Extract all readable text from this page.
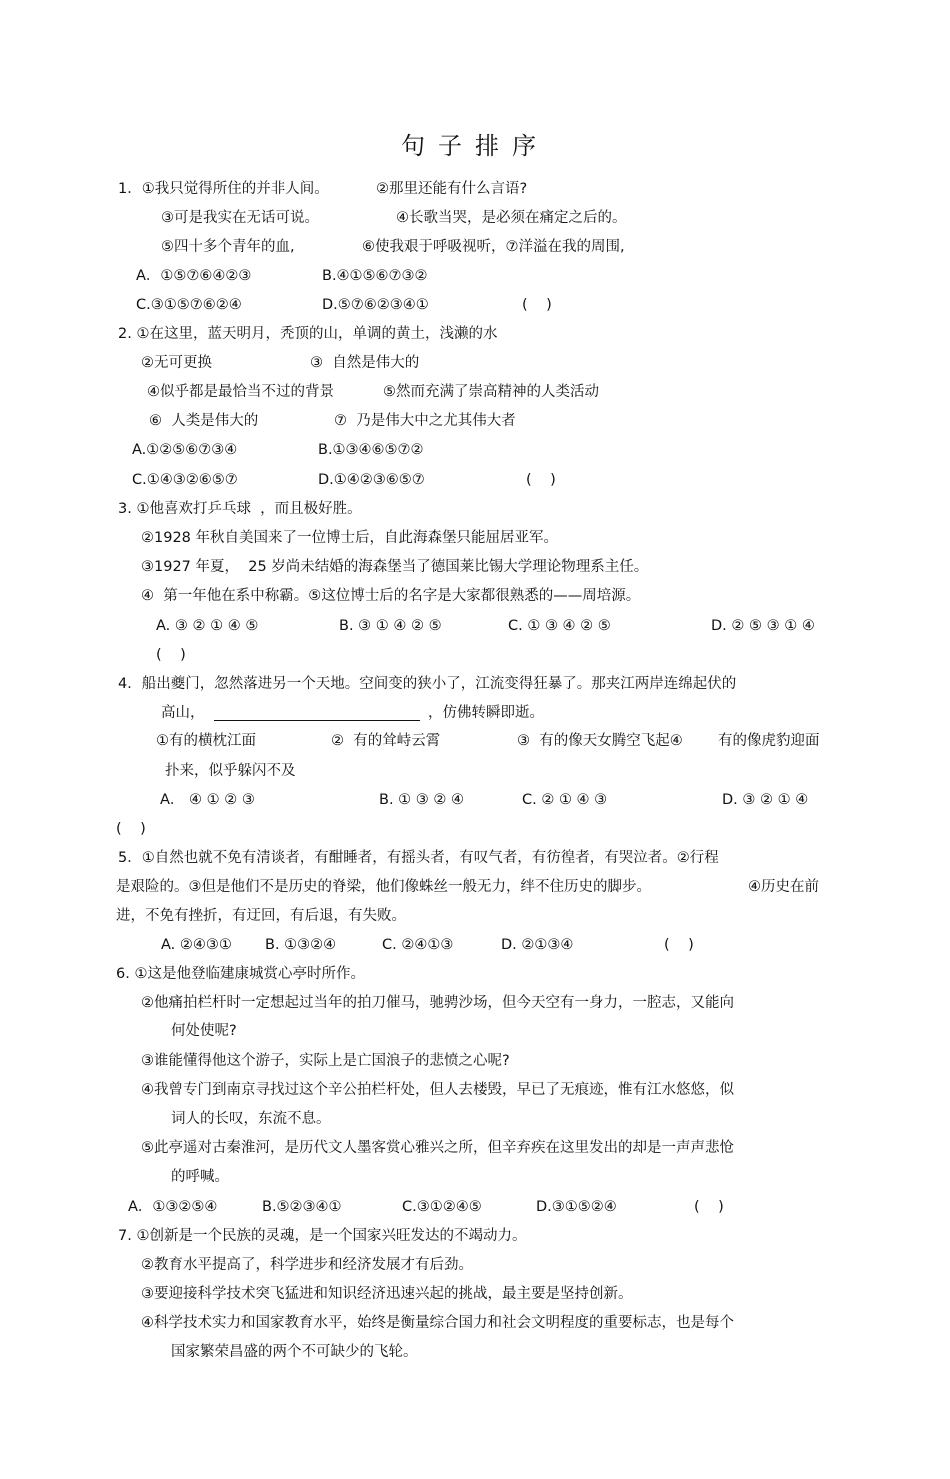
句子排序
1．①我只觉得所住的并非人间。	②那里还能有什么言语?
③可是我实在无话可说。	④长歌当哭，是必须在痛定之后的。
⑤四十多个青年的血,	⑥使我艰于呼吸视听，⑦洋溢在我的周围,
A．①⑤⑦⑥④②③	B.④①⑤⑥⑦③②
C.③①⑤⑦⑥②④	D.⑤⑦⑥②③④①	(    )
2. ①在这里，蓝天明月，秃顶的山，单调的黄土，浅濑的水
②无可更换	③  自然是伟大的
④似乎都是最恰当不过的背景	⑤然而充满了崇高精神的人类活动
⑥  人类是伟大的	⑦  乃是伟大中之尤其伟大者
A.①②⑤⑥⑦③④	B.①③④⑥⑤⑦②
C.①④③②⑥⑤⑦	D.①④②③⑥⑤⑦	(    )
3. ①他喜欢打乒乓球  ，而且极好胜。
②1928 年秋自美国来了一位博士后，自此海森堡只能屈居亚军。
③1927 年夏，  25 岁尚未结婚的海森堡当了德国莱比锡大学理论物理系主任。
④  第一年他在系中称霸。⑤这位博士后的名字是大家都很熟悉的——周培源。
A. ③ ② ① ④ ⑤	B. ③ ① ④ ② ⑤	C. ① ③ ④ ② ⑤	D. ② ⑤ ③ ① ④
(    )
4．船出夔门，忽然落进另一个天地。空间变的狭小了，江流变得狂暴了。那夹江两岸连绵起伏的
高山，	，仿佛转瞬即逝。
①有的横枕江面	②  有的耸峙云霄	③  有的像天女腾空飞起④ 有的像虎豹迎面
扑来，似乎躲闪不及
A． ④ ① ② ③	B. ① ③ ② ④	C. ② ① ④ ③	D. ③ ② ① ④
(    )
5．①自然也就不免有清谈者，有酣睡者，有摇头者，有叹气者，有彷徨者，有哭泣者。②行程
是艰险的。③但是他们不是历史的脊梁，他们像蛛丝一般无力，绊不住历史的脚步。	④历史在前
进，不免有挫折，有迂回，有后退，有失败。
A. ②④③① B. ①③②④	C. ②④①③	D. ②①③④	(    )
6. ①这是他登临建康城赏心亭时所作。
②他痛拍栏杆时一定想起过当年的拍刀催马，驰骋沙场，但今天空有一身力，一腔志，又能向
何处使呢?
③谁能懂得他这个游子，实际上是亡国浪子的悲愤之心呢?
④我曾专门到南京寻找过这个辛公拍栏杆处，但人去楼毁，早已了无痕迹，惟有江水悠悠，似
词人的长叹，东流不息。
⑤此亭遥对古秦淮河，是历代文人墨客赏心雅兴之所，但辛弃疾在这里发出的却是一声声悲怆
的呼喊。
A．①③②⑤④	B.⑤②③④①	C.③①②④⑤	D.③①⑤②④	(    )
7. ①创新是一个民族的灵魂，是一个国家兴旺发达的不竭动力。
②教育水平提高了，科学进步和经济发展才有后劲。
③要迎接科学技术突飞猛进和知识经济迅速兴起的挑战，最主要是坚持创新。
④科学技术实力和国家教育水平，始终是衡量综合国力和社会文明程度的重要标志，也是每个
国家繁荣昌盛的两个不可缺少的飞轮。
